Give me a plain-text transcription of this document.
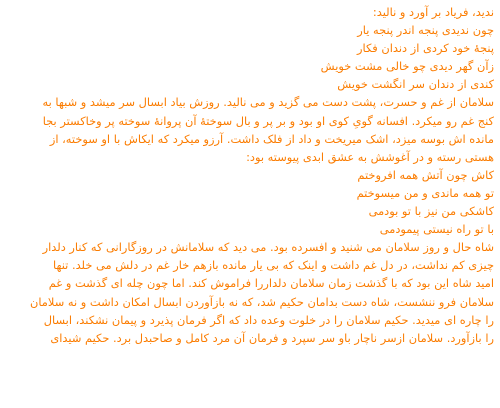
ندید، فریاد بر آورد و نالید:

چون ندیدی پنجه اندر پنجه یار

پنجهٔ خود کردی از دندان فکار

زآن گهر دیدی چو خالی مشت خویش

کندی از دندان سر انگشت خویش

سلامان از غم و حسرت، پشت دست می گزید و می نالید. روزش بیاد ابسال سر میشد و شبها به

کنج غم رو میکرد. افسانه گویِ کوی او بود و بر پر و بال سوختهٔ آن پروانهٔ سوخته پر وخاکستر بجا

مانده اش بوسه میزد، اشک میریخت و داد از فلک داشت. آرزو میکرد که ایکاش با او سوخته، از

هستی رسته و در آغوشش به عشق ابدی پیوسته بود:

کاش چون آتش همه افروختم

تو همه ماندی و من میسوختم

کاشکی من نیز با تو بودمی

با تو راه نیستی پیمودمی

شاه حال و روز سلامان می شنید و افسرده بود. می دید که سلامانش در روزگارانی که کنار دلدار

چیزی کم نداشت، در دل غم داشت و اینک که بی یار مانده بازهم خار غم در دلش می خلد. تنها

امید شاه این بود که با گذشت زمان سلامان دلداررا فراموش کند. اما چون چله ای گذشت و غم

سلامان فرو ننشست، شاه دست بدامان حکیم شد، که نه بازآوردن ابسال امکان داشت و نه سلامان

را چاره ای میدید. حکیم سلامان را در خلوت وعده داد که اگر فرمان پذیرد و پیمان نشکند، ابسال

را بازآورد. سلامان ازسر ناچار باو سر سپرد و فرمان آن مرد کامل و صاحبدل برد. حکیم شیدای
